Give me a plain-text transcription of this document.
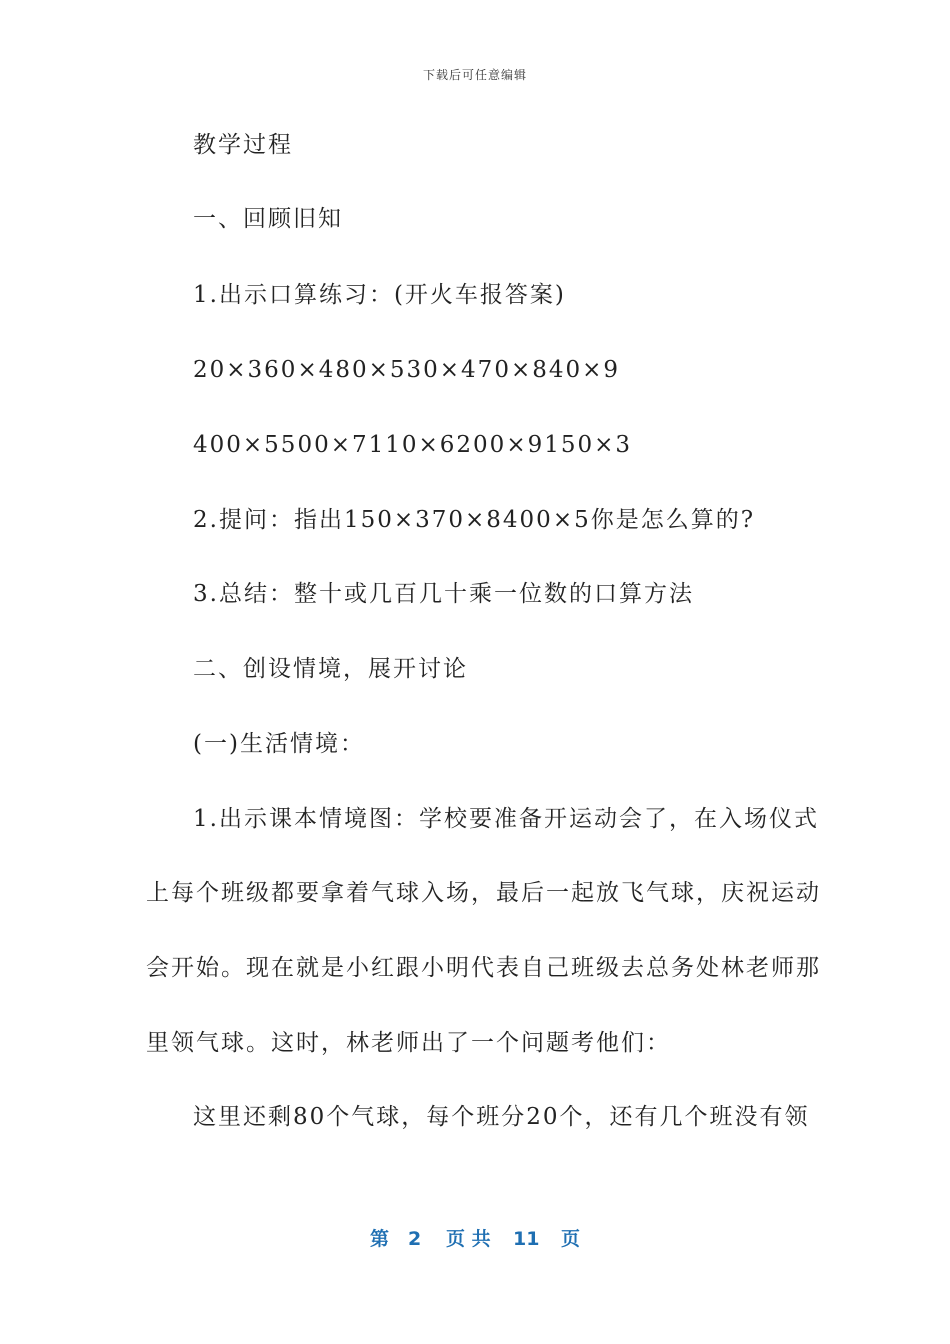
下载后可任意编辑
教学过程
一、回顾旧知
1.出示口算练习：(开火车报答案)
20×360×480×530×470×840×9
400×5500×7110×6200×9150×3
2.提问：指出150×370×8400×5你是怎么算的?
3.总结：整十或几百几十乘一位数的口算方法
二、创设情境，展开讨论
(一)生活情境：
1.出示课本情境图：学校要准备开运动会了，在入场仪式
上每个班级都要拿着气球入场，最后一起放飞气球，庆祝运动
会开始。现在就是小红跟小明代表自己班级去总务处林老师那
里领气球。这时，林老师出了一个问题考他们：
这里还剩80个气球，每个班分20个，还有几个班没有领
第 2 页 共 11 页
